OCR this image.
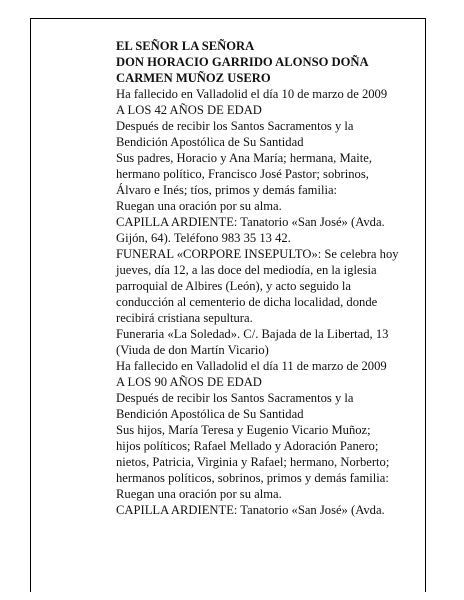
EL SEÑOR LA SEÑORA
DON HORACIO GARRIDO ALONSO DOÑA
CARMEN MUÑOZ USERO
Ha fallecido en Valladolid el día 10 de marzo de 2009
A LOS 42 AÑOS DE EDAD
Después de recibir los Santos Sacramentos y la
Bendición Apostólica de Su Santidad
Sus padres, Horacio y Ana María; hermana, Maite,
hermano político, Francisco José Pastor; sobrinos,
Álvaro e Inés; tíos, primos y demás familia:
Ruegan una oración por su alma.
CAPILLA ARDIENTE: Tanatorio «San José» (Avda.
Gijón, 64). Teléfono 983 35 13 42.
FUNERAL «CORPORE INSEPULTO»: Se celebra hoy
jueves, día 12, a las doce del mediodía, en la iglesia
parroquial de Albires (León), y acto seguido la
conducción al cementerio de dicha localidad, donde
recibirá cristiana sepultura.
Funeraria «La Soledad». C/. Bajada de la Libertad, 13
(Viuda de don Martín Vicario)
Ha fallecido en Valladolid el día 11 de marzo de 2009
A LOS 90 AÑOS DE EDAD
Después de recibir los Santos Sacramentos y la
Bendición Apostólica de Su Santidad
Sus hijos, María Teresa y Eugenio Vicario Muñoz;
hijos políticos; Rafael Mellado y Adoración Panero;
nietos, Patricia, Virginia y Rafael; hermano, Norberto;
hermanos políticos, sobrinos, primos y demás familia:
Ruegan una oración por su alma.
CAPILLA ARDIENTE: Tanatorio «San José» (Avda.
